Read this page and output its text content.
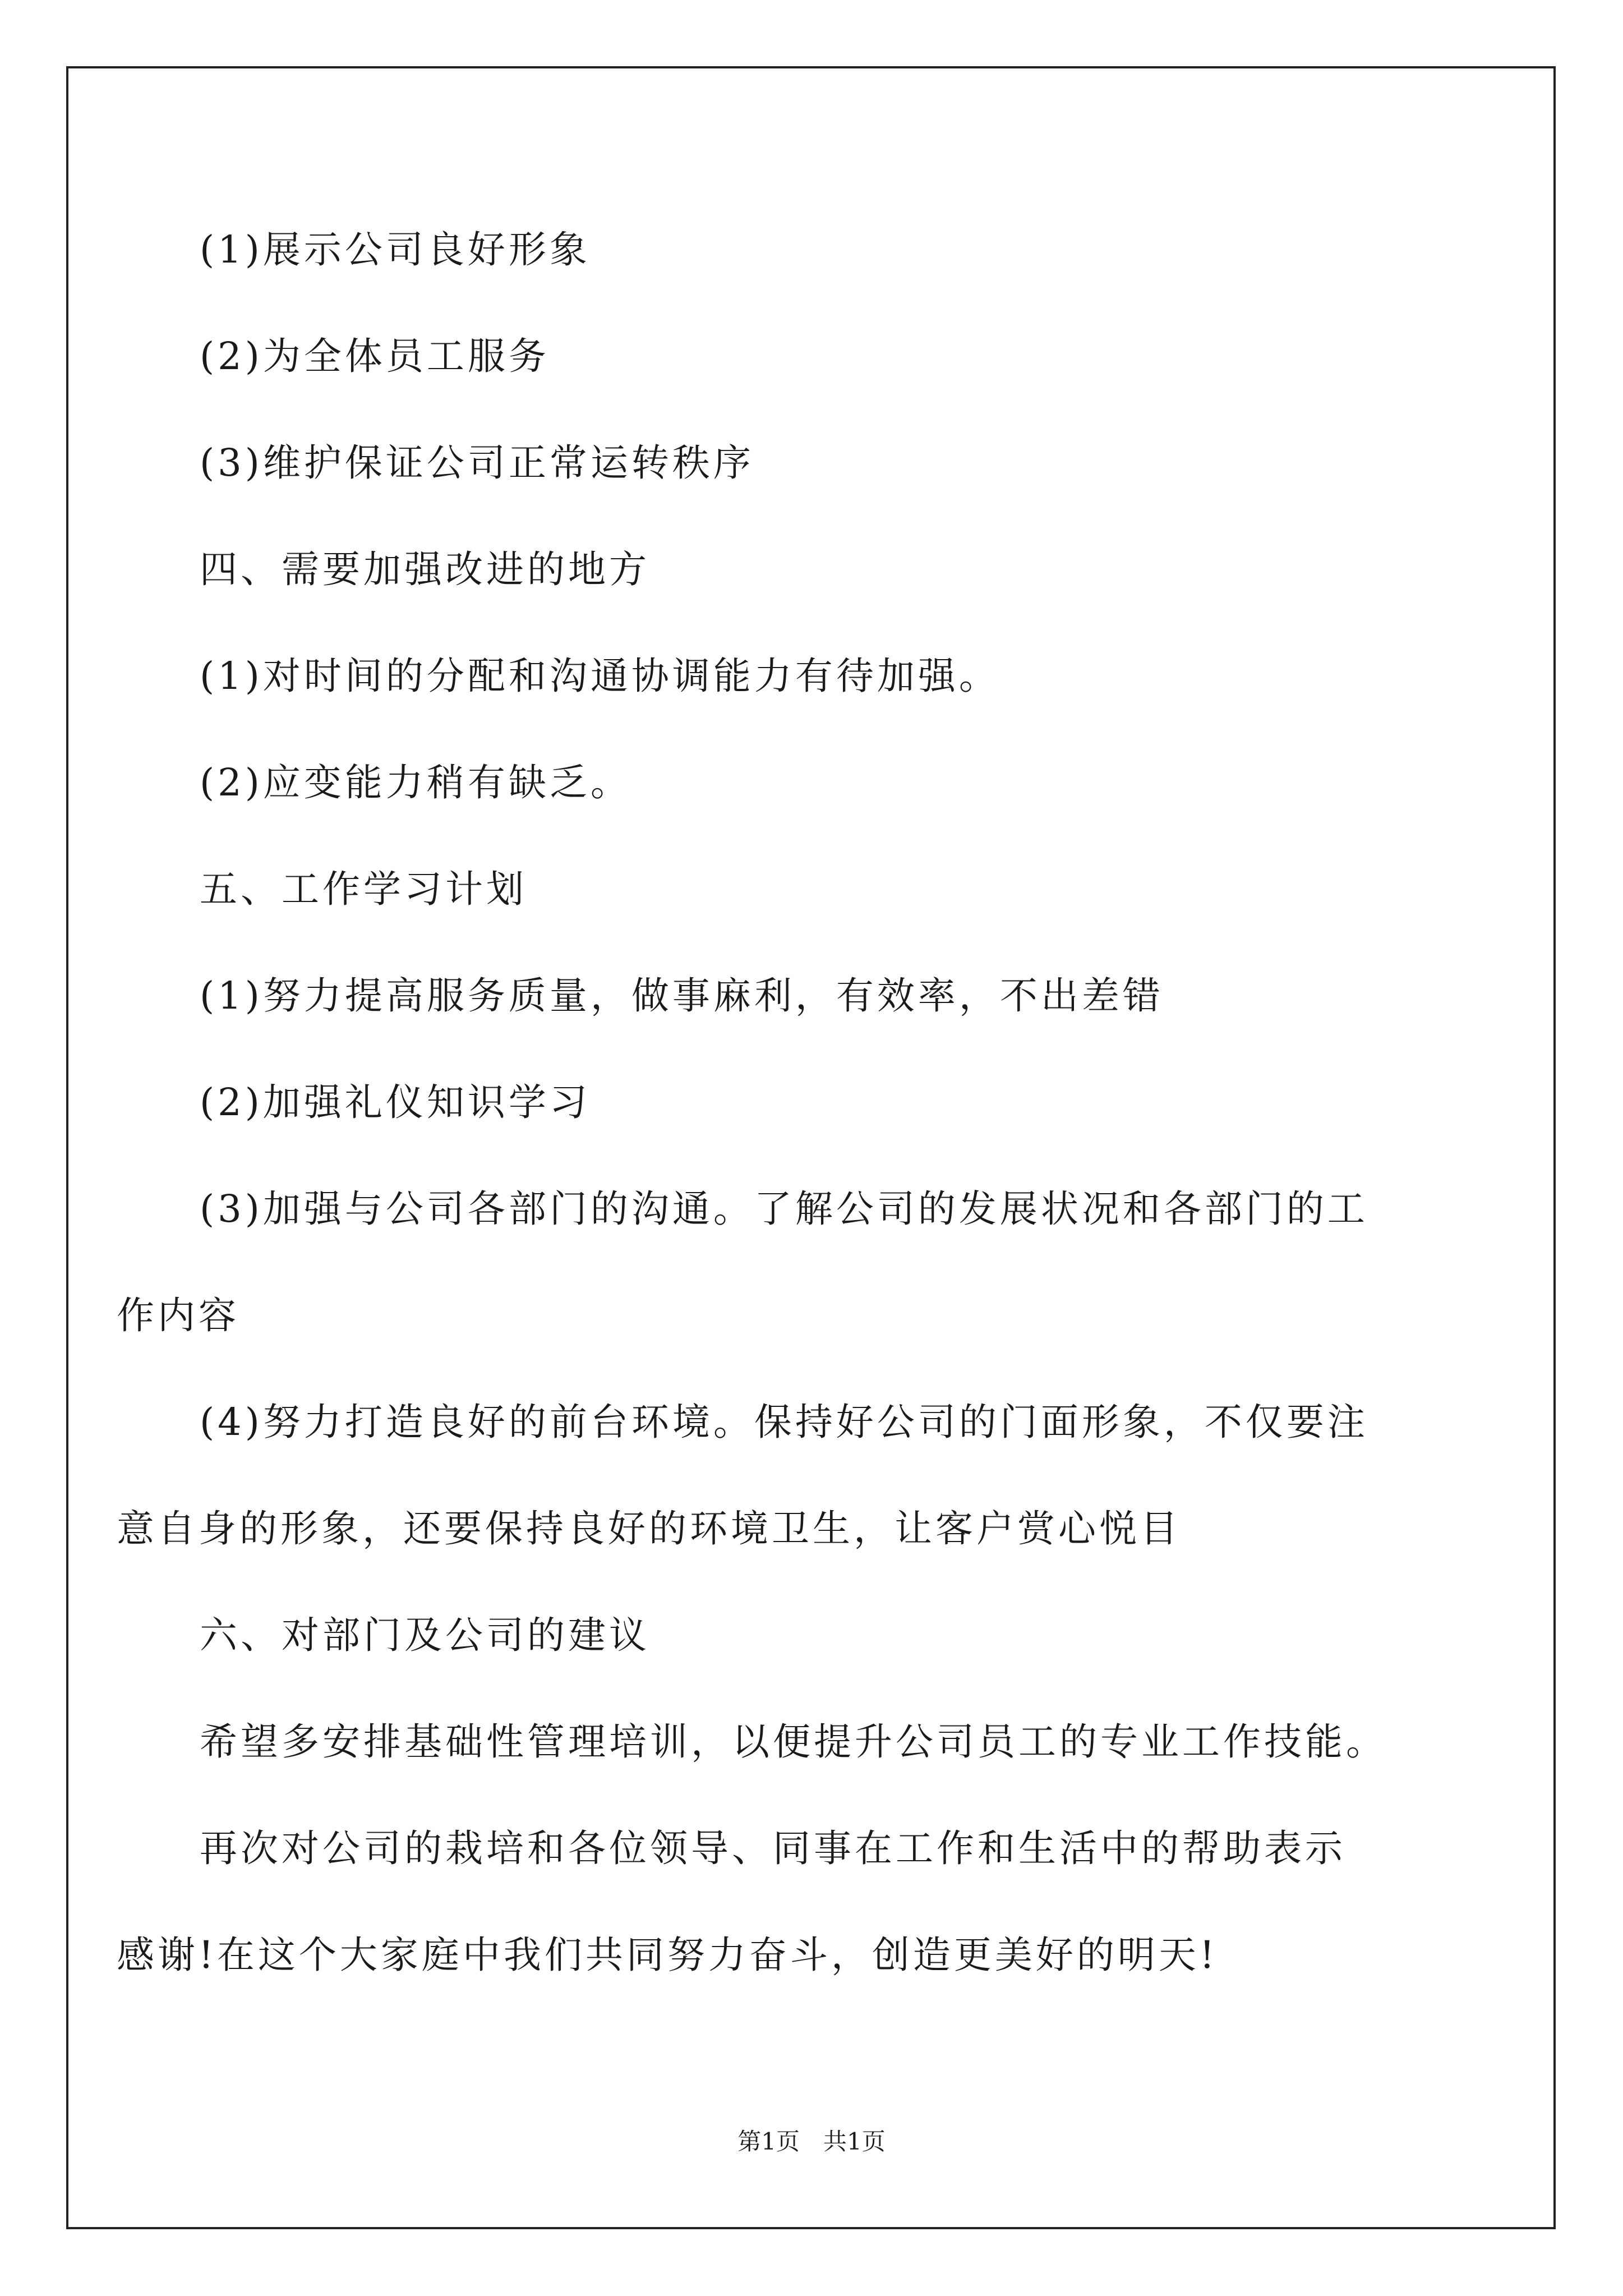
(1)展示公司良好形象
(2)为全体员工服务
(3)维护保证公司正常运转秩序
四、需要加强改进的地方
(1)对时间的分配和沟通协调能力有待加强。
(2)应变能力稍有缺乏。
五、工作学习计划
(1)努力提高服务质量，做事麻利，有效率，不出差错
(2)加强礼仪知识学习
(3)加强与公司各部门的沟通。了解公司的发展状况和各部门的工
作内容
(4)努力打造良好的前台环境。保持好公司的门面形象，不仅要注
意自身的形象，还要保持良好的环境卫生，让客户赏心悦目
六、对部门及公司的建议
希望多安排基础性管理培训，以便提升公司员工的专业工作技能。
再次对公司的栽培和各位领导、同事在工作和生活中的帮助表示
感谢!在这个大家庭中我们共同努力奋斗，创造更美好的明天!
第1页　共1页
